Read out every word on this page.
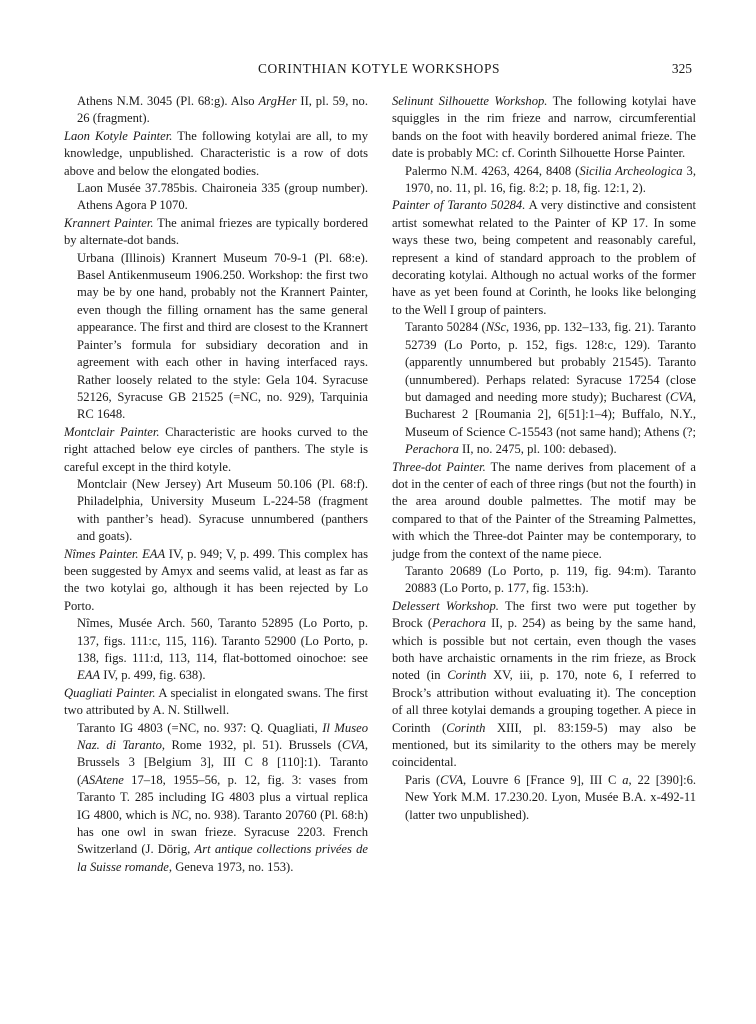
CORINTHIAN KOTYLE WORKSHOPS	325

Athens N.M. 3045 (Pl. 68:g). Also ArgHer II, pl. 59, no. 26 (fragment).

Laon Kotyle Painter. The following kotylai are all, to my knowledge, unpublished. Characteristic is a row of dots above and below the elongated bodies.

Laon Musée 37.785bis. Chaironeia 335 (group number). Athens Agora P 1070.

Krannert Painter. The animal friezes are typically bordered by alternate-dot bands.

Urbana (Illinois) Krannert Museum 70-9-1 (Pl. 68:e). Basel Antikenmuseum 1906.250. Workshop: the first two may be by one hand, probably not the Krannert Painter, even though the filling ornament has the same general appearance. The first and third are closest to the Krannert Painter’s formula for subsidiary decoration and in agreement with each other in having interfaced rays. Rather loosely related to the style: Gela 104. Syracuse 52126, Syracuse GB 21525 (=NC, no. 929), Tarquinia RC 1648.

Montclair Painter. Characteristic are hooks curved to the right attached below eye circles of panthers. The style is careful except in the third kotyle.

Montclair (New Jersey) Art Museum 50.106 (Pl. 68:f). Philadelphia, University Museum L-224-58 (fragment with panther’s head). Syracuse unnumbered (panthers and goats).

Nîmes Painter. EAA IV, p. 949; V, p. 499. This complex has been suggested by Amyx and seems valid, at least as far as the two kotylai go, although it has been rejected by Lo Porto.

Nîmes, Musée Arch. 560, Taranto 52895 (Lo Porto, p. 137, figs. 111:c, 115, 116). Taranto 52900 (Lo Porto, p. 138, figs. 111:d, 113, 114, flat-bottomed oinochoe: see EAA IV, p. 499, fig. 638).

Quagliati Painter. A specialist in elongated swans. The first two attributed by A. N. Stillwell.

Taranto IG 4803 (=NC, no. 937: Q. Quagliati, Il Museo Naz. di Taranto, Rome 1932, pl. 51). Brussels (CVA, Brussels 3 [Belgium 3], III C 8 [110]:1). Taranto (ASAtene 17–18, 1955–56, p. 12, fig. 3: vases from Taranto T. 285 including IG 4803 plus a virtual replica IG 4800, which is NC, no. 938). Taranto 20760 (Pl. 68:h) has one owl in swan frieze. Syracuse 2203. French Switzerland (J. Dörig, Art antique collections privées de la Suisse romande, Geneva 1973, no. 153).

Selinunt Silhouette Workshop. The following kotylai have squiggles in the rim frieze and narrow, circumferential bands on the foot with heavily bordered animal frieze. The date is probably MC: cf. Corinth Silhouette Horse Painter.

Palermo N.M. 4263, 4264, 8408 (Sicilia Archeologica 3, 1970, no. 11, pl. 16, fig. 8:2; p. 18, fig. 12:1, 2).

Painter of Taranto 50284. A very distinctive and consistent artist somewhat related to the Painter of KP 17. In some ways these two, being competent and reasonably careful, represent a kind of standard approach to the problem of decorating kotylai. Although no actual works of the former have as yet been found at Corinth, he looks like belonging to the Well I group of painters.

Taranto 50284 (NSc, 1936, pp. 132–133, fig. 21). Taranto 52739 (Lo Porto, p. 152, figs. 128:c, 129). Taranto (apparently unnumbered but probably 21545). Taranto (unnumbered). Perhaps related: Syracuse 17254 (close but damaged and needing more study); Bucharest (CVA, Bucharest 2 [Roumania 2], 6[51]:1–4); Buffalo, N.Y., Museum of Science C-15543 (not same hand); Athens (?; Perachora II, no. 2475, pl. 100: debased).

Three-dot Painter. The name derives from placement of a dot in the center of each of three rings (but not the fourth) in the area around double palmettes. The motif may be compared to that of the Painter of the Streaming Palmettes, with which the Three-dot Painter may be contemporary, to judge from the context of the name piece.

Taranto 20689 (Lo Porto, p. 119, fig. 94:m). Taranto 20883 (Lo Porto, p. 177, fig. 153:h).

Delessert Workshop. The first two were put together by Brock (Perachora II, p. 254) as being by the same hand, which is possible but not certain, even though the vases both have archaistic ornaments in the rim frieze, as Brock noted (in Corinth XV, iii, p. 170, note 6, I referred to Brock’s attribution without evaluating it). The conception of all three kotylai demands a grouping together. A piece in Corinth (Corinth XIII, pl. 83:159-5) may also be mentioned, but its similarity to the others may be merely coincidental.

Paris (CVA, Louvre 6 [France 9], III C a, 22 [390]:6. New York M.M. 17.230.20. Lyon, Musée B.A. x-492-11 (latter two unpublished).
